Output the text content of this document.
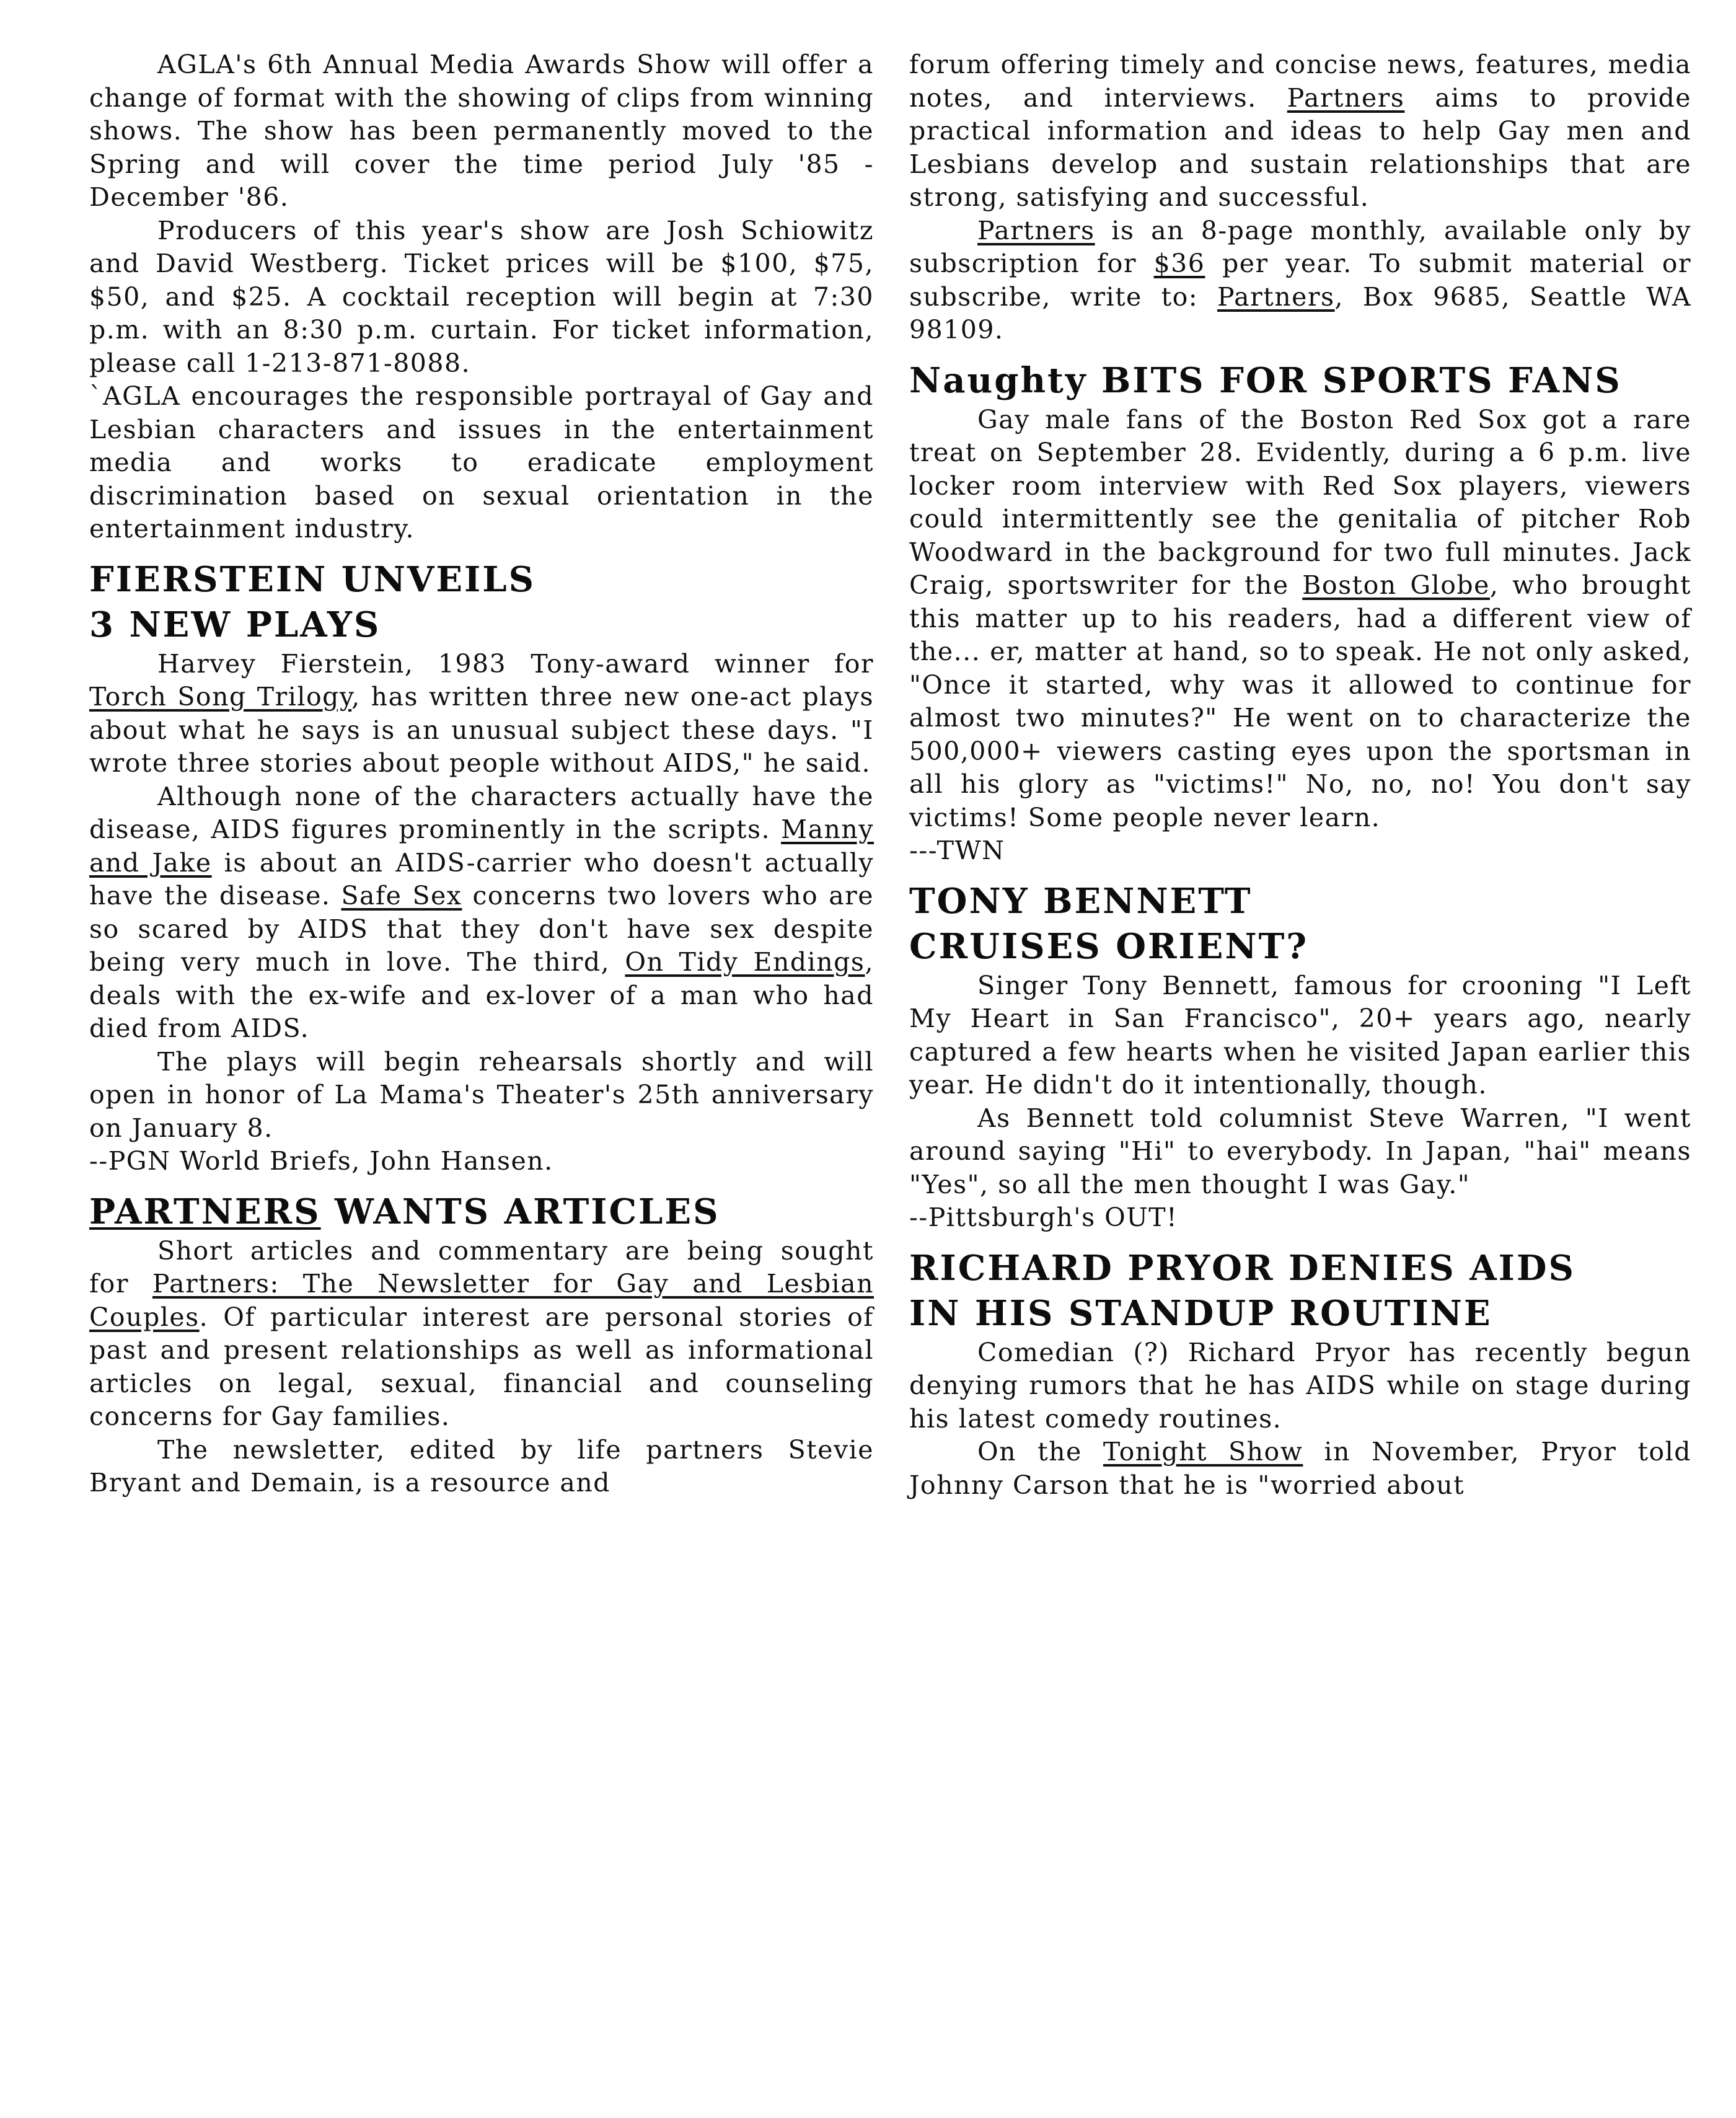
AGLA's 6th Annual Media Awards Show will offer a change of format with the showing of clips from winning shows. The show has been permanently moved to the Spring and will cover the time period July '85 - December '86.

Producers of this year's show are Josh Schiowitz and David Westberg. Ticket prices will be $100, $75, $50, and $25. A cocktail reception will begin at 7:30 p.m. with an 8:30 p.m. curtain. For ticket information, please call 1-213-871-8088.

`AGLA encourages the responsible portrayal of Gay and Lesbian characters and issues in the entertainment media and works to eradicate employment discrimination based on sexual orientation in the entertainment industry.

FIERSTEIN UNVEILS
3 NEW PLAYS

Harvey Fierstein, 1983 Tony-award winner for Torch Song Trilogy, has written three new one-act plays about what he says is an unusual subject these days. "I wrote three stories about people without AIDS," he said.

Although none of the characters actually have the disease, AIDS figures prominently in the scripts. Manny and Jake is about an AIDS-carrier who doesn't actually have the disease. Safe Sex concerns two lovers who are so scared by AIDS that they don't have sex despite being very much in love. The third, On Tidy Endings, deals with the ex-wife and ex-lover of a man who had died from AIDS.

The plays will begin rehearsals shortly and will open in honor of La Mama's Theater's 25th anniversary on January 8.

--PGN World Briefs, John Hansen.

PARTNERS WANTS ARTICLES

Short articles and commentary are being sought for Partners: The Newsletter for Gay and Lesbian Couples. Of particular interest are personal stories of past and present relationships as well as informational articles on legal, sexual, financial and counseling concerns for Gay families.

The newsletter, edited by life partners Stevie Bryant and Demain, is a resource and

forum offering timely and concise news, features, media notes, and interviews. Partners aims to provide practical information and ideas to help Gay men and Lesbians develop and sustain relationships that are strong, satisfying and successful.

Partners is an 8-page monthly, available only by subscription for $36 per year. To submit material or subscribe, write to: Partners, Box 9685, Seattle WA 98109.

Naughty BITS FOR SPORTS FANS

Gay male fans of the Boston Red Sox got a rare treat on September 28. Evidently, during a 6 p.m. live locker room interview with Red Sox players, viewers could intermittently see the genitalia of pitcher Rob Woodward in the background for two full minutes. Jack Craig, sportswriter for the Boston Globe, who brought this matter up to his readers, had a different view of the... er, matter at hand, so to speak. He not only asked, "Once it started, why was it allowed to continue for almost two minutes?" He went on to characterize the 500,000+ viewers casting eyes upon the sportsman in all his glory as "victims!" No, no, no! You don't say victims! Some people never learn.

---TWN

TONY BENNETT
CRUISES ORIENT?

Singer Tony Bennett, famous for crooning "I Left My Heart in San Francisco", 20+ years ago, nearly captured a few hearts when he visited Japan earlier this year. He didn't do it intentionally, though.

As Bennett told columnist Steve Warren, "I went around saying "Hi" to everybody. In Japan, "hai" means "Yes", so all the men thought I was Gay."

--Pittsburgh's OUT!

RICHARD PRYOR DENIES AIDS
IN HIS STANDUP ROUTINE

Comedian (?) Richard Pryor has recently begun denying rumors that he has AIDS while on stage during his latest comedy routines.

On the Tonight Show in November, Pryor told Johnny Carson that he is "worried about
